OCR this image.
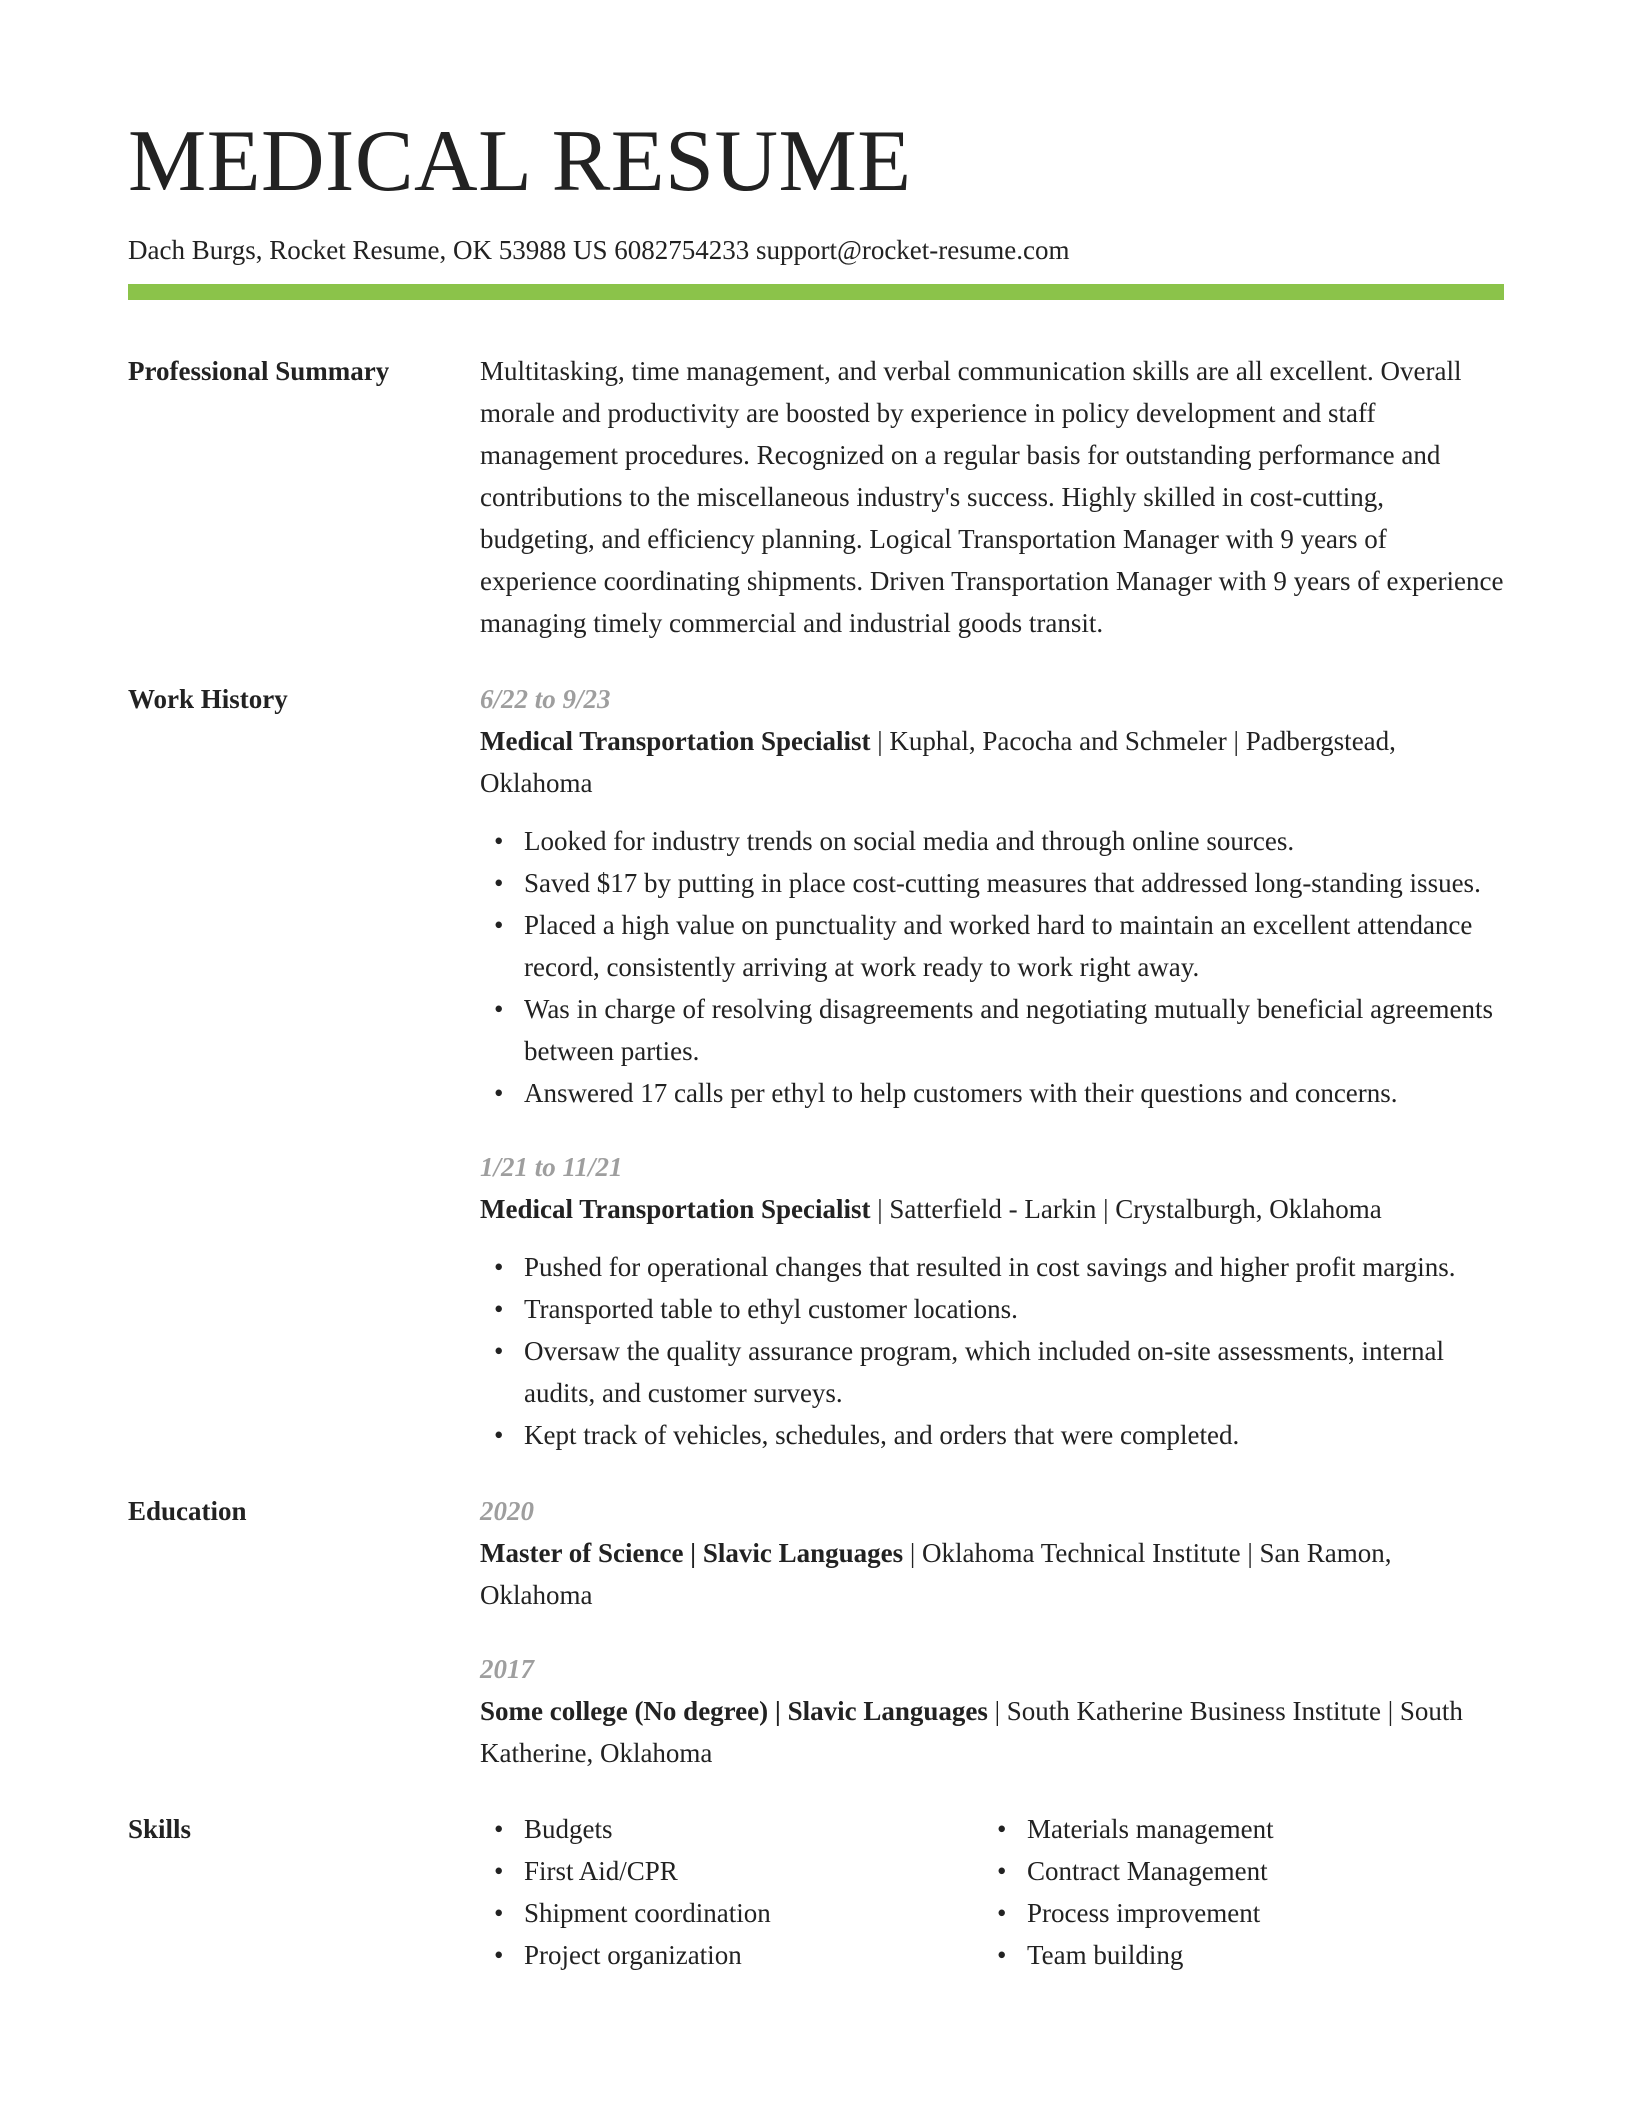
MEDICAL RESUME
Dach Burgs, Rocket Resume, OK 53988 US 6082754233 support@rocket-resume.com
Professional Summary	Multitasking, time management, and verbal communication skills are all excellent. Overall morale and productivity are boosted by experience in policy development and staff management procedures. Recognized on a regular basis for outstanding performance and contributions to the miscellaneous industry's success. Highly skilled in cost-cutting, budgeting, and efficiency planning. Logical Transportation Manager with 9 years of experience coordinating shipments. Driven Transportation Manager with 9 years of experience managing timely commercial and industrial goods transit.

Work History	6/22 to 9/23
Medical Transportation Specialist | Kuphal, Pacocha and Schmeler | Padbergstead, Oklahoma
• Looked for industry trends on social media and through online sources.
• Saved $17 by putting in place cost-cutting measures that addressed long-standing issues.
• Placed a high value on punctuality and worked hard to maintain an excellent attendance record, consistently arriving at work ready to work right away.
• Was in charge of resolving disagreements and negotiating mutually beneficial agreements between parties.
• Answered 17 calls per ethyl to help customers with their questions and concerns.
1/21 to 11/21
Medical Transportation Specialist | Satterfield - Larkin | Crystalburgh, Oklahoma
• Pushed for operational changes that resulted in cost savings and higher profit margins.
• Transported table to ethyl customer locations.
• Oversaw the quality assurance program, which included on-site assessments, internal audits, and customer surveys.
• Kept track of vehicles, schedules, and orders that were completed.
Education	2020
Master of Science | Slavic Languages | Oklahoma Technical Institute | San Ramon, Oklahoma
2017
Some college (No degree) | Slavic Languages | South Katherine Business Institute | South Katherine, Oklahoma
Skills
•	Budgets
• First Aid/CPR
• Shipment coordination
• Project organization
• Materials management
• Contract Management
• Process improvement
• Team building
